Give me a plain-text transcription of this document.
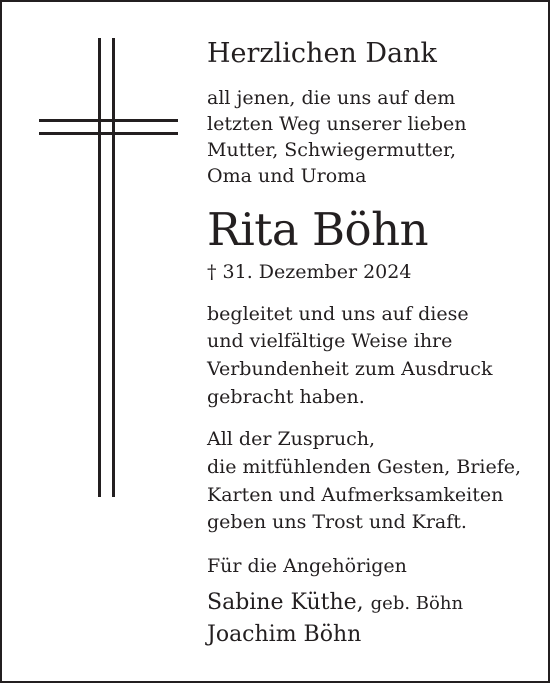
Herzlichen Dank
all jenen, die uns auf dem
letzten Weg unserer lieben
Mutter, Schwiegermutter,
Oma und Uroma
Rita Böhn
† 31. Dezember 2024
begleitet und uns auf diese
und vielfältige Weise ihre
Verbundenheit zum Ausdruck
gebracht haben.
All der Zuspruch,
die mitfühlenden Gesten, Briefe,
Karten und Aufmerksamkeiten
geben uns Trost und Kraft.
Für die Angehörigen
Sabine Küthe, geb. Böhn
Joachim Böhn
